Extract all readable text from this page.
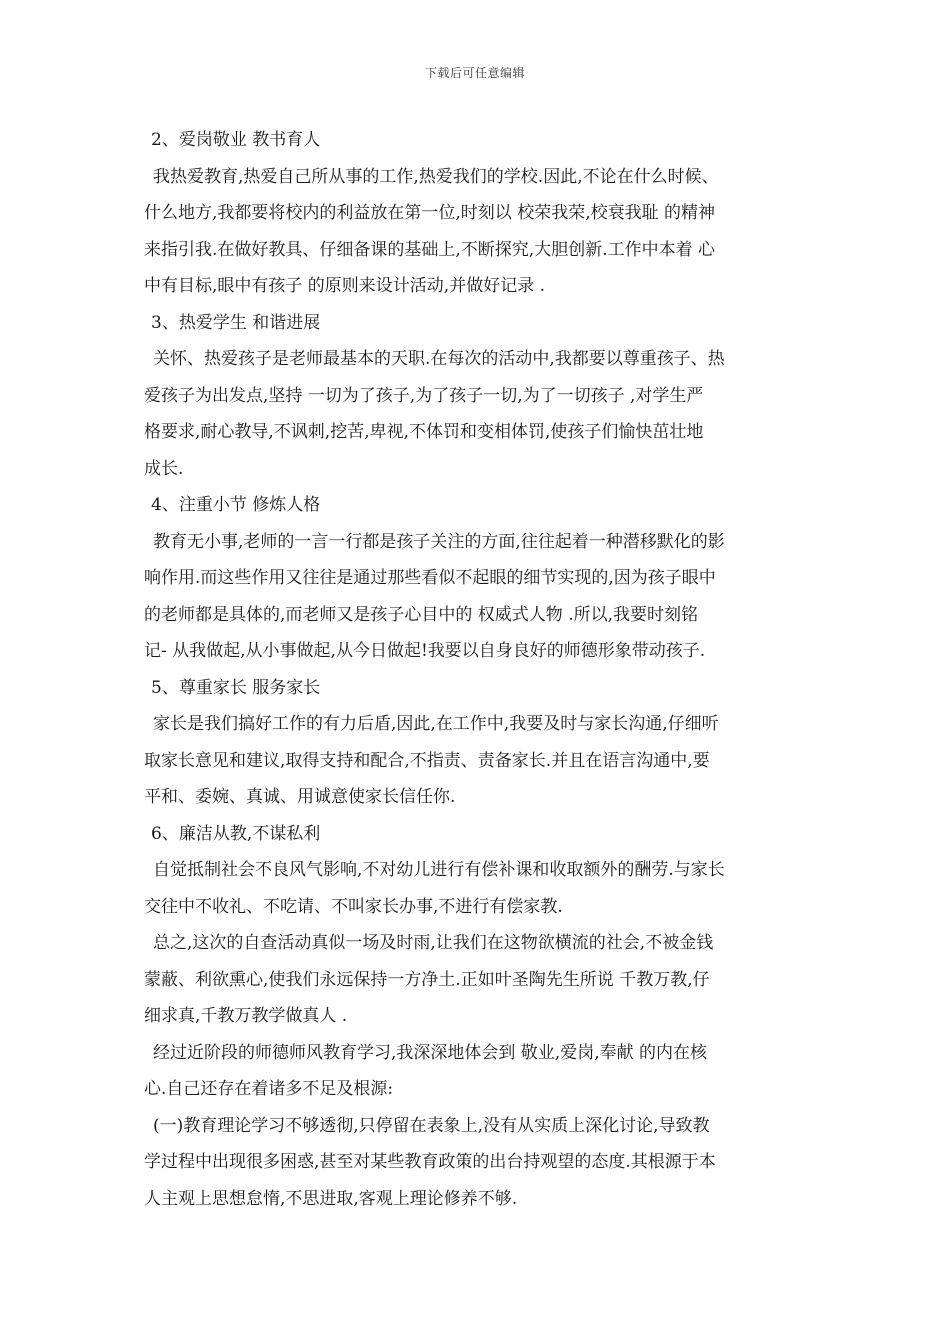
下载后可任意编辑
2、爱岗敬业 教书育人
我热爱教育,热爱自己所从事的工作,热爱我们的学校.因此,不论在什么时候、
什么地方,我都要将校内的利益放在第一位,时刻以 校荣我荣,校衰我耻 的精神
来指引我.在做好教具、仔细备课的基础上,不断探究,大胆创新.工作中本着 心
中有目标,眼中有孩子 的原则来设计活动,并做好记录 .
3、热爱学生 和谐进展
关怀、热爱孩子是老师最基本的天职.在每次的活动中,我都要以尊重孩子、热
爱孩子为出发点,坚持 一切为了孩子,为了孩子一切,为了一切孩子 ,对学生严
格要求,耐心教导,不讽刺,挖苦,卑视,不体罚和变相体罚,使孩子们愉快茁壮地
成长.
4、注重小节 修炼人格
教育无小事,老师的一言一行都是孩子关注的方面,往往起着一种潜移默化的影
响作用.而这些作用又往往是通过那些看似不起眼的细节实现的,因为孩子眼中
的老师都是具体的,而老师又是孩子心目中的 权威式人物 .所以,我要时刻铭
记- 从我做起,从小事做起,从今日做起!我要以自身良好的师德形象带动孩子.
5、尊重家长 服务家长
家长是我们搞好工作的有力后盾,因此,在工作中,我要及时与家长沟通,仔细听
取家长意见和建议,取得支持和配合,不指责、责备家长.并且在语言沟通中,要
平和、委婉、真诚、用诚意使家长信任你.
6、廉洁从教,不谋私利
自觉抵制社会不良风气影响,不对幼儿进行有偿补课和收取额外的酬劳.与家长
交往中不收礼、不吃请、不叫家长办事,不进行有偿家教.
总之,这次的自查活动真似一场及时雨,让我们在这物欲横流的社会,不被金钱
蒙蔽、利欲熏心,使我们永远保持一方净土.正如叶圣陶先生所说 千教万教,仔
细求真,千教万教学做真人 .
经过近阶段的师德师风教育学习,我深深地体会到 敬业,爱岗,奉献 的内在核
心.自己还存在着诸多不足及根源:
(一)教育理论学习不够透彻,只停留在表象上,没有从实质上深化讨论,导致教
学过程中出现很多困惑,甚至对某些教育政策的出台持观望的态度.其根源于本
人主观上思想怠惰,不思进取,客观上理论修养不够.
